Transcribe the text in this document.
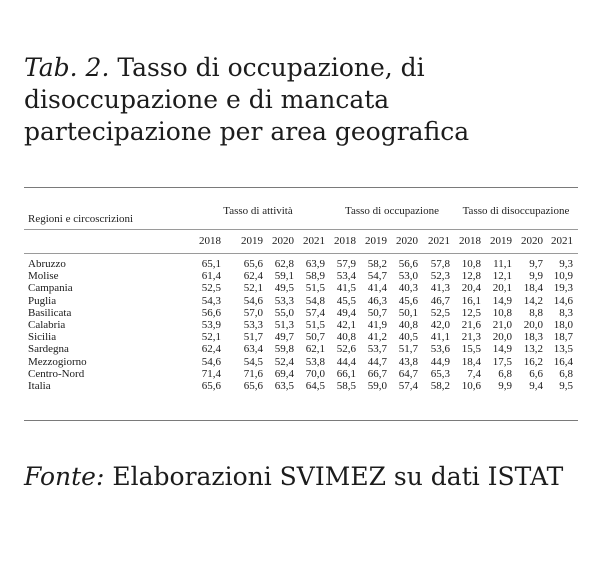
Tab. 2. Tasso di occupazione, di disoccupazione e di mancata partecipazione per area geografica
Regioni e circoscrizioni
Tasso di attività	Tasso di occupazione	Tasso di disoccupazione
2018	2019 2020 2021 2018 2019 2020 2021 2018 2019 2020 2021
Abruzzo	65,1	65,6	62,8	63,9	57,9	58,2	56,6	57,8	10,8	11,1	9,7	9,3
Molise	61,4	62,4	59,1	58,9	53,4	54,7	53,0	52,3	12,8	12,1	9,9 10,9
Campania	52,5	52,1	49,5	51,5	41,5	41,4	40,3	41,3	20,4	20,1	18,4 19,3
Puglia	54,3	54,6	53,3	54,8	45,5	46,3	45,6	46,7	16,1	14,9	14,2 14,6
Basilicata	56,6	57,0	55,0	57,4	49,4	50,7	50,1	52,5	12,5	10,8	8,8	8,3
Calabria	53,9	53,3	51,3	51,5	42,1	41,9	40,8	42,0	21,6	21,0	20,0 18,0
Sicilia	52,1	51,7	49,7	50,7	40,8	41,2	40,5	41,1	21,3	20,0	18,3 18,7
Sardegna	62,4	63,4	59,8	62,1	52,6	53,7	51,7	53,6	15,5	14,9	13,2 13,5
Mezzogiorno	54,6	54,5	52,4	53,8	44,4	44,7	43,8	44,9	18,4	17,5	16,2 16,4
Centro-Nord	71,4	71,6	69,4	70,0	66,1	66,7	64,7	65,3	7,4	6,8	6,6	6,8
Italia	65,6	65,6	63,5	64,5	58,5	59,0	57,4	58,2	10,6	9,9	9,4	9,5
Fonte: Elaborazioni SVIMEZ su dati ISTAT
